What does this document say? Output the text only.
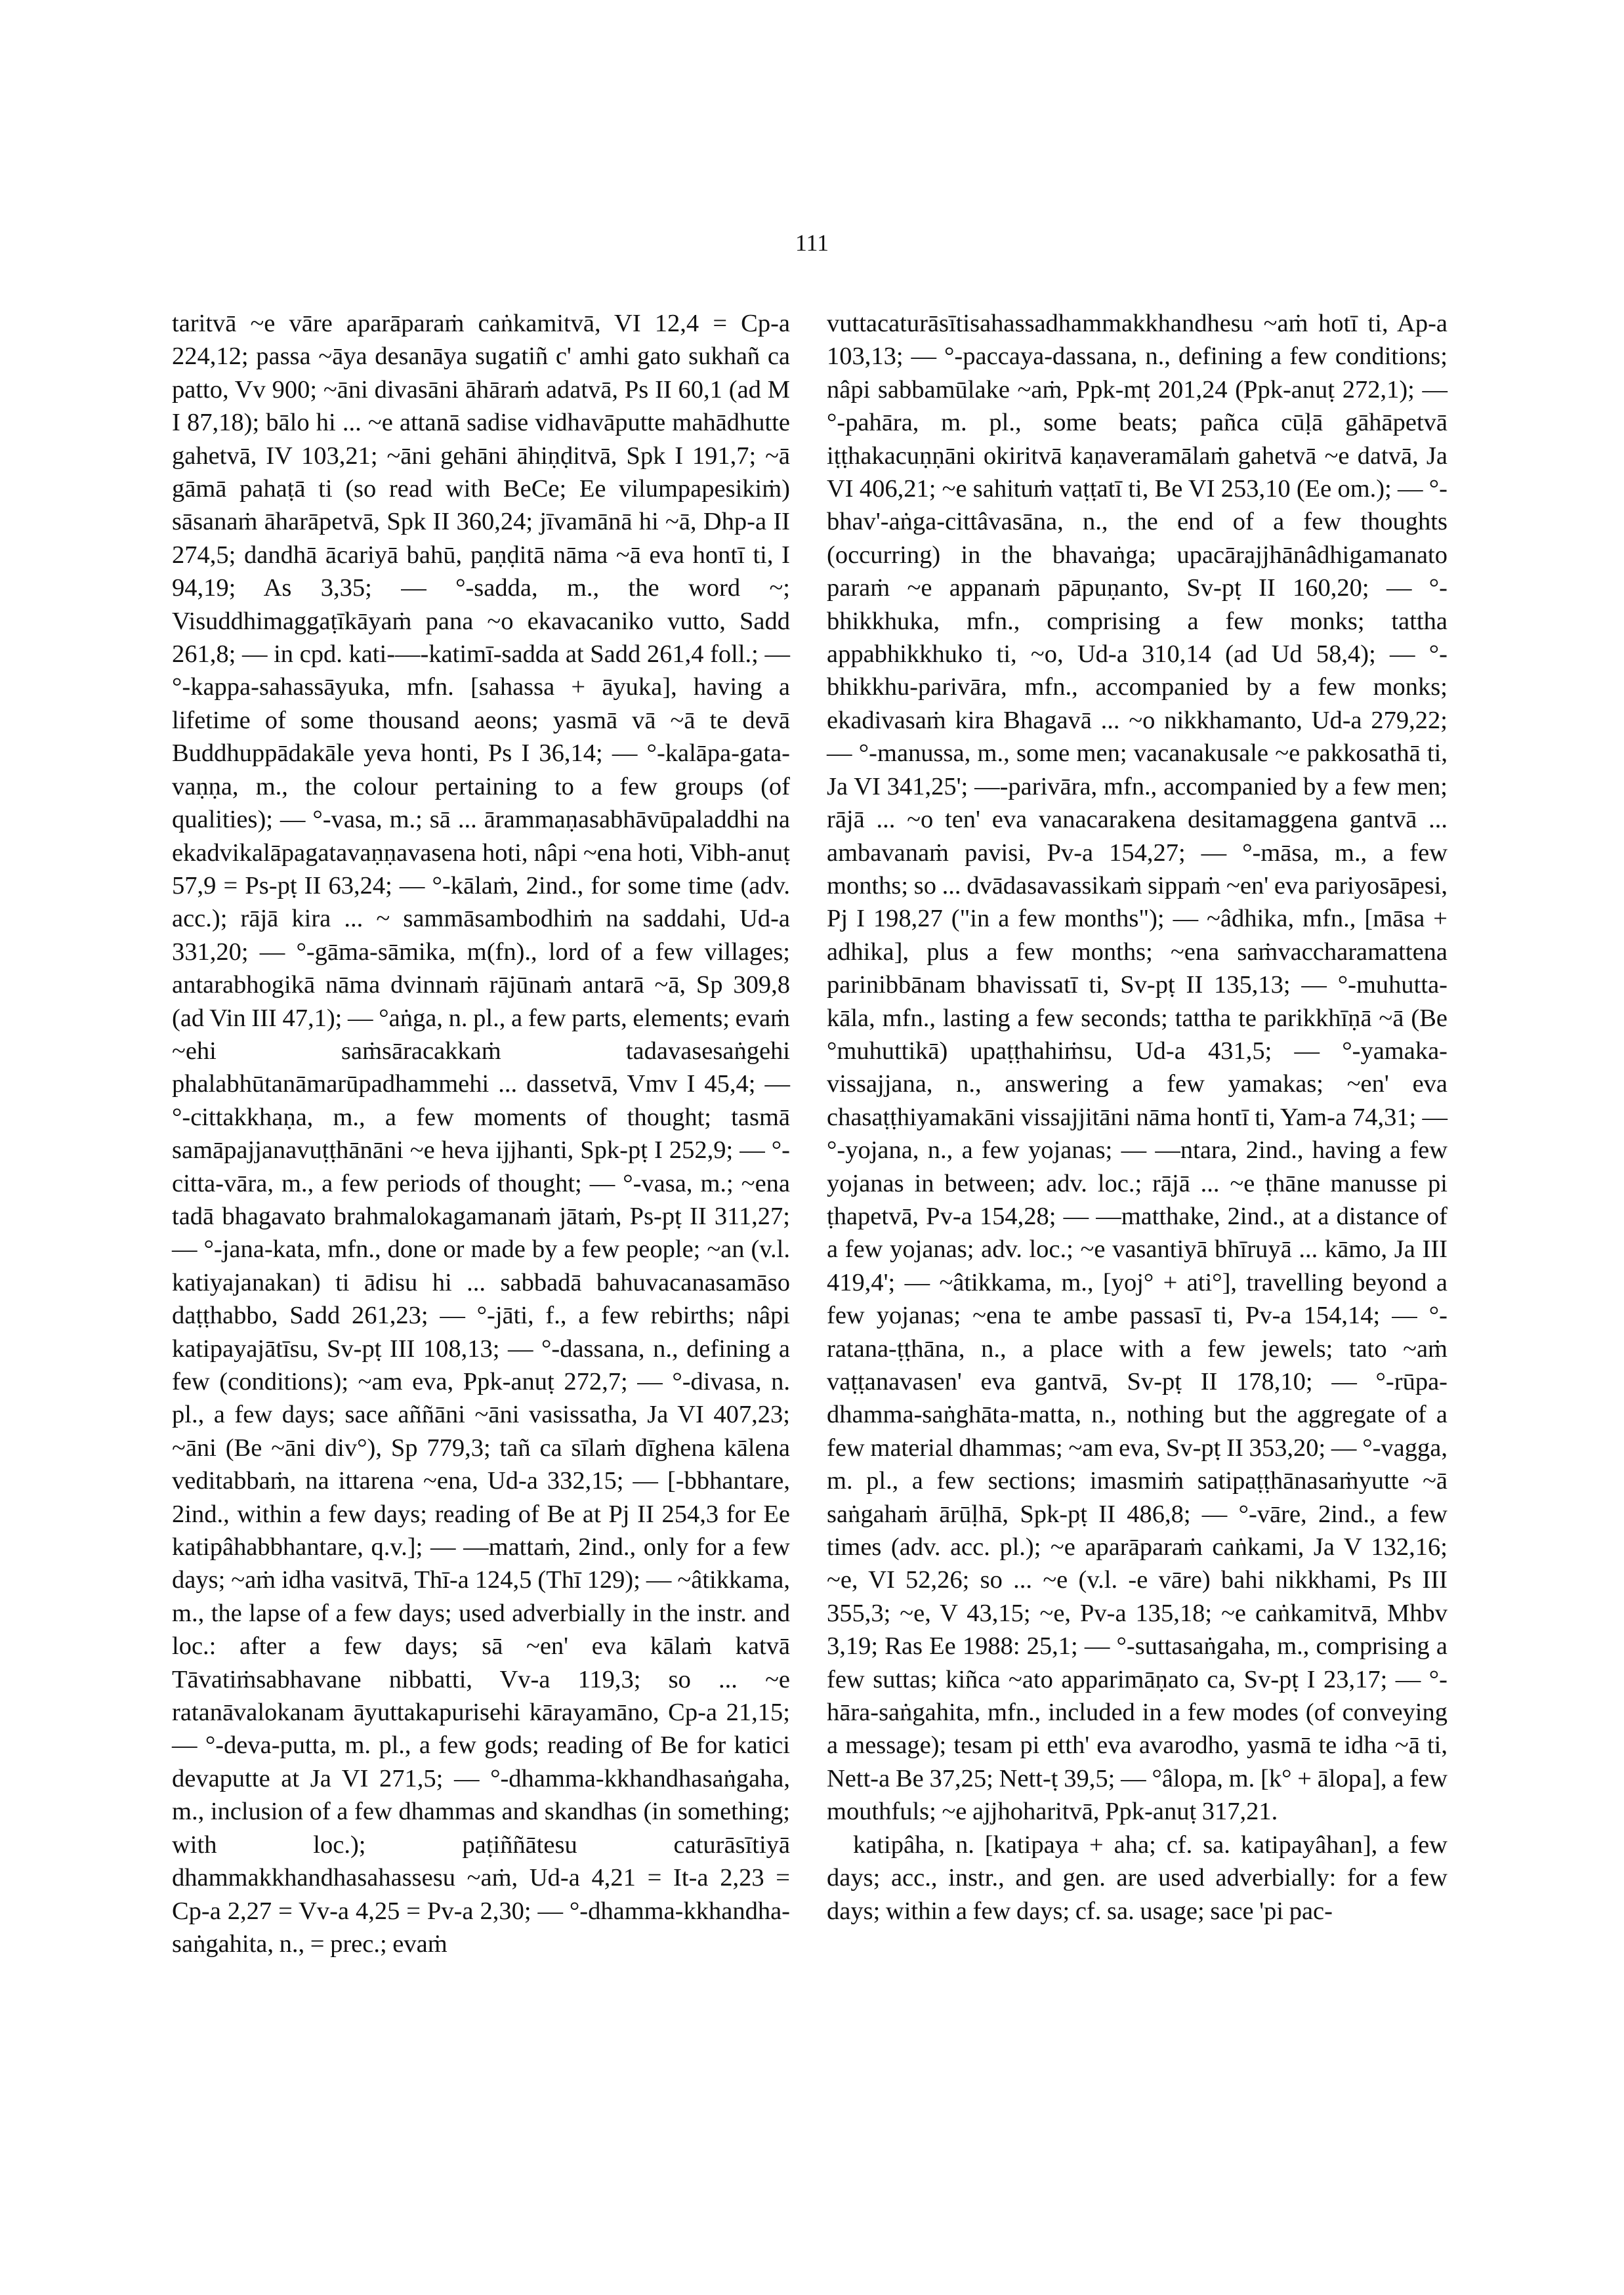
111

taritvā ~e vāre aparāparaṁ caṅkamitvā, VI 12,4 = Cp-a 224,12; passa ~āya desanāya sugatiñ c' amhi gato sukhañ ca patto, Vv 900; ~āni divasāni āhāraṁ adatvā, Ps II 60,1 (ad M I 87,18); bālo hi ... ~e attanā sadise vidhavāputte mahādhutte gahetvā, IV 103,21; ~āni gehāni āhiṇḍitvā, Spk I 191,7; ~ā gāmā pahaṭā ti (so read with BeCe; Ee vilumpapesikiṁ) sāsanaṁ āharāpetvā, Spk II 360,24; jīvamānā hi ~ā, Dhp-a II 274,5; dandhā ācariyā bahū, paṇḍitā nāma ~ā eva hontī ti, I 94,19; As 3,35; — °-sadda, m., the word ~; Visuddhimaggaṭīkāyaṁ pana ~o ekavacaniko vutto, Sadd 261,8; — in cpd. kati-—-katimī-sadda at Sadd 261,4 foll.; — °-kappa-sahassāyuka, mfn. [sahassa + āyuka], having a lifetime of some thousand aeons; yasmā vā ~ā te devā Buddhuppādakāle yeva honti, Ps I 36,14; — °-kalāpa-gata-vaṇṇa, m., the colour pertaining to a few groups (of qualities); — °-vasa, m.; sā ... ārammaṇasabhāvūpaladdhi na ekadvikalāpagatavaṇṇavasena hoti, nâpi ~ena hoti, Vibh-anuṭ 57,9 = Ps-pṭ II 63,24; — °-kālaṁ, 2ind., for some time (adv. acc.); rājā kira ... ~ sammāsambodhiṁ na saddahi, Ud-a 331,20; — °-gāma-sāmika, m(fn)., lord of a few villages; antarabhogikā nāma dvinnaṁ rājūnaṁ antarā ~ā, Sp 309,8 (ad Vin III 47,1); — °aṅga, n. pl., a few parts, elements; evaṁ ~ehi saṁsāracakkaṁ tadavasesaṅgehi phalabhūtanāmarūpadhammehi ... dassetvā, Vmv I 45,4; — °-cittakkhaṇa, m., a few moments of thought; tasmā samāpajjanavuṭṭhānāni ~e heva ijjhanti, Spk-pṭ I 252,9; — °-citta-vāra, m., a few periods of thought; — °-vasa, m.; ~ena tadā bhagavato brahmalokagamanaṁ jātaṁ, Ps-pṭ II 311,27; — °-jana-kata, mfn., done or made by a few people; ~an (v.l. katiyajanakan) ti ādisu hi ... sabbadā bahuvacanasamāso daṭṭhabbo, Sadd 261,23; — °-jāti, f., a few rebirths; nâpi katipayajātīsu, Sv-pṭ III 108,13; — °-dassana, n., defining a few (conditions); ~am eva, Ppk-anuṭ 272,7; — °-divasa, n. pl., a few days; sace aññāni ~āni vasissatha, Ja VI 407,23; ~āni (Be ~āni div°), Sp 779,3; tañ ca sīlaṁ dīghena kālena veditabbaṁ, na ittarena ~ena, Ud-a 332,15; — [-bbhantare, 2ind., within a few days; reading of Be at Pj II 254,3 for Ee katipâhabbhantare, q.v.]; — —mattaṁ, 2ind., only for a few days; ~aṁ idha vasitvā, Thī-a 124,5 (Thī 129); — ~âtikkama, m., the lapse of a few days; used adverbially in the instr. and loc.: after a few days; sā ~en' eva kālaṁ katvā Tāvatiṁsabhavane nibbatti, Vv-a 119,3; so ... ~e ratanāvalokanam āyuttakapurisehi kārayamāno, Cp-a 21,15; — °-deva-putta, m. pl., a few gods; reading of Be for katici devaputte at Ja VI 271,5; — °-dhamma-kkhandhasaṅgaha, m., inclusion of a few dhammas and skandhas (in something; with loc.); paṭiññātesu caturāsītiyā dhammakkhandhasahassesu ~aṁ, Ud-a 4,21 = It-a 2,23 = Cp-a 2,27 = Vv-a 4,25 = Pv-a 2,30; — °-dhamma-kkhandha-saṅgahita, n., = prec.; evaṁ

vuttacaturāsītisahassadhammakkhandhesu ~aṁ hotī ti, Ap-a 103,13; — °-paccaya-dassana, n., defining a few conditions; nâpi sabbamūlake ~aṁ, Ppk-mṭ 201,24 (Ppk-anuṭ 272,1); — °-pahāra, m. pl., some beats; pañca cūḷā gāhāpetvā iṭṭhakacuṇṇāni okiritvā kaṇaveramālaṁ gahetvā ~e datvā, Ja VI 406,21; ~e sahituṁ vaṭṭatī ti, Be VI 253,10 (Ee om.); — °-bhav'-aṅga-cittâvasāna, n., the end of a few thoughts (occurring) in the bhavaṅga; upacārajjhānâdhigamanato paraṁ ~e appanaṁ pāpuṇanto, Sv-pṭ II 160,20; — °-bhikkhuka, mfn., comprising a few monks; tattha appabhikkhuko ti, ~o, Ud-a 310,14 (ad Ud 58,4); — °-bhikkhu-parivāra, mfn., accompanied by a few monks; ekadivasaṁ kira Bhagavā ... ~o nikkhamanto, Ud-a 279,22; — °-manussa, m., some men; vacanakusale ~e pakkosathā ti, Ja VI 341,25'; —-parivāra, mfn., accompanied by a few men; rājā ... ~o ten' eva vanacarakena desitamaggena gantvā ... ambavanaṁ pavisi, Pv-a 154,27; — °-māsa, m., a few months; so ... dvādasavassikaṁ sippaṁ ~en' eva pariyosāpesi, Pj I 198,27 ("in a few months"); — ~âdhika, mfn., [māsa + adhika], plus a few months; ~ena saṁvaccharamattena parinibbānam bhavissatī ti, Sv-pṭ II 135,13; — °-muhutta-kāla, mfn., lasting a few seconds; tattha te parikkhīṇā ~ā (Be °muhuttikā) upaṭṭhahiṁsu, Ud-a 431,5; — °-yamaka-vissajjana, n., answering a few yamakas; ~en' eva chasaṭṭhiyamakāni vissajjitāni nāma hontī ti, Yam-a 74,31; — °-yojana, n., a few yojanas; — —ntara, 2ind., having a few yojanas in between; adv. loc.; rājā ... ~e ṭhāne manusse pi ṭhapetvā, Pv-a 154,28; — —matthake, 2ind., at a distance of a few yojanas; adv. loc.; ~e vasantiyā bhīruyā ... kāmo, Ja III 419,4'; — ~âtikkama, m., [yoj° + ati°], travelling beyond a few yojanas; ~ena te ambe passasī ti, Pv-a 154,14; — °-ratana-ṭṭhāna, n., a place with a few jewels; tato ~aṁ vaṭṭanavasen' eva gantvā, Sv-pṭ II 178,10; — °-rūpa-dhamma-saṅghāta-matta, n., nothing but the aggregate of a few material dhammas; ~am eva, Sv-pṭ II 353,20; — °-vagga, m. pl., a few sections; imasmiṁ satipaṭṭhānasaṁyutte ~ā saṅgahaṁ ārūḷhā, Spk-pṭ II 486,8; — °-vāre, 2ind., a few times (adv. acc. pl.); ~e aparāparaṁ caṅkami, Ja V 132,16; ~e, VI 52,26; so ... ~e (v.l. -e vāre) bahi nikkhami, Ps III 355,3; ~e, V 43,15; ~e, Pv-a 135,18; ~e caṅkamitvā, Mhbv 3,19; Ras Ee 1988: 25,1; — °-suttasaṅgaha, m., comprising a few suttas; kiñca ~ato apparimāṇato ca, Sv-pṭ I 23,17; — °-hāra-saṅgahita, mfn., included in a few modes (of conveying a message); tesam pi etth' eva avarodho, yasmā te idha ~ā ti, Nett-a Be 37,25; Nett-ṭ 39,5; — °âlopa, m. [k° + ālopa], a few mouthfuls; ~e ajjhoharitvā, Ppk-anuṭ 317,21.

katipâha, n. [katipaya + aha; cf. sa. katipayâhan], a few days; acc., instr., and gen. are used adverbially: for a few days; within a few days; cf. sa. usage; sace 'pi pac-
